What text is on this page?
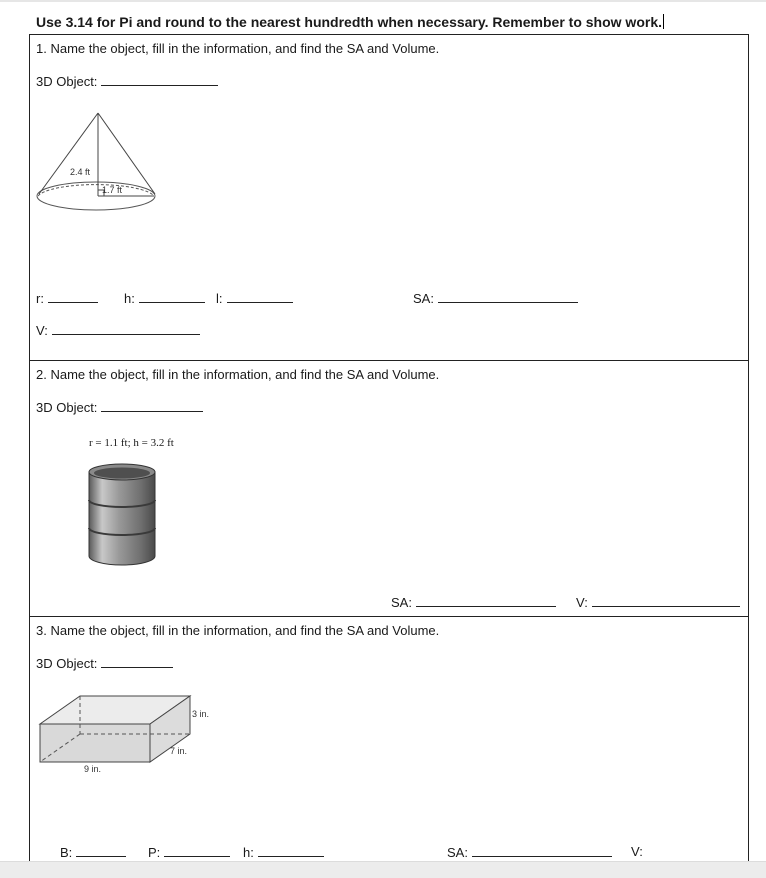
Use 3.14 for Pi and round to the nearest hundredth when necessary. Remember to show work.
1. Name the object, fill in the information, and find the SA and Volume.
3D Object:
2.4 ft
1.7 ft
r:	h:	l:	SA:
V:
2. Name the object, fill in the information, and find the SA and Volume.
3D Object:
r = 1.1 ft; h = 3.2 ft
SA:	V:
3. Name the object, fill in the information, and find the SA and Volume.
3D Object:
3 in.
7 in.
9 in.
B:	P:	h:	SA:	V:
